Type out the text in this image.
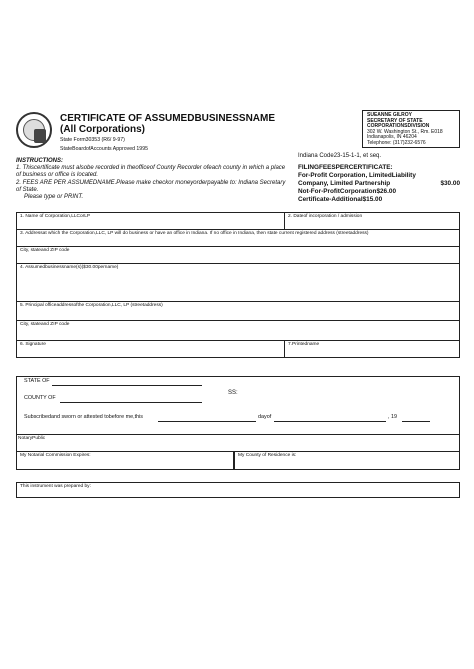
CERTIFICATE OF ASSUMEDBUSINESSNAME
(All Corporations)
State Form30353 (R6/ 9-97)
StateBoardofAccounts Approved 1995
SUEANNE GILROY
SECRETARY OF STATE
CORPORATIONSDIVISION
302 W. Washington St., Rm. E018
Indianapolis, IN 46204
Telephone: (317)232-6576
INSTRUCTIONS:
1. Thiscertificate must alsobe recorded in theofficeof County Recorder ofeach county in which a place of business or office is located.
2. FEES ARE PER ASSUMEDNAME.Please make checkor moneyorderpayable to: Indiana Secretary of State.
Please type or PRINT.
Indiana Code23-15-1-1, et seq.
FILINGFEESPERCERTIFICATE:
For-Profit Corporation, LimitedLiability Company, Limited Partnership	$30.00
Not-For-ProfitCorporation$26.00
Certificate-Additional$15.00
1. Name of Corporation,LLCorLP	2. Dateof incorporation / admission
3. Addressat which the Corporation,LLC, LP will do business or have an office in Indiana. If no office in Indiana, then state current registered address (streetaddress)	
City, stateand ZIP code	
4. Assumedbusinessname(s)($30.00pername)	
5. Principal officeaddressofthe Corporation,LLC, LP (streetaddress)	
City, stateand ZIP code	
6. Signature	7.Printedname
STATE OF
SS:
COUNTY OF
Subscribedand sworn or attested tobefore me,this	dayof	, 19
NotaryPublic
My Notarial Commission Expires:	My County of Residence is:
This instrument was prepared by:
